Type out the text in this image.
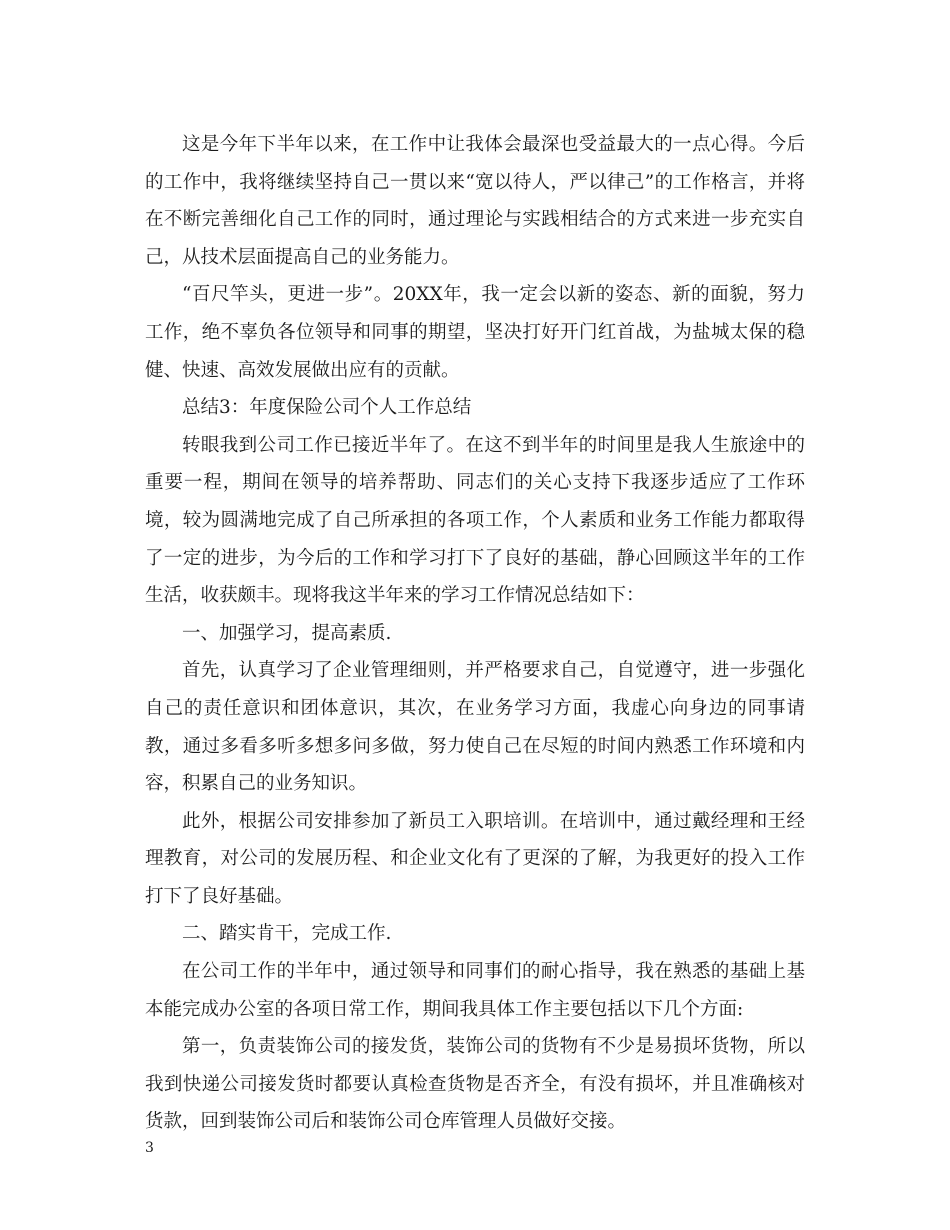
这是今年下半年以来，在工作中让我体会最深也受益最大的一点心得。今后的工作中，我将继续坚持自己一贯以来“宽以待人，严以律己”的工作格言，并将在不断完善细化自己工作的同时，通过理论与实践相结合的方式来进一步充实自己，从技术层面提高自己的业务能力。

“百尺竿头，更进一步”。20XX年，我一定会以新的姿态、新的面貌，努力工作，绝不辜负各位领导和同事的期望，坚决打好开门红首战，为盐城太保的稳健、快速、高效发展做出应有的贡献。

总结3：年度保险公司个人工作总结

转眼我到公司工作已接近半年了。在这不到半年的时间里是我人生旅途中的重要一程，期间在领导的培养帮助、同志们的关心支持下我逐步适应了工作环境，较为圆满地完成了自己所承担的各项工作，个人素质和业务工作能力都取得了一定的进步，为今后的工作和学习打下了良好的基础，静心回顾这半年的工作生活，收获颇丰。现将我这半年来的学习工作情况总结如下：

一、加强学习，提高素质.

首先，认真学习了企业管理细则，并严格要求自己，自觉遵守，进一步强化自己的责任意识和团体意识，其次，在业务学习方面，我虚心向身边的同事请教，通过多看多听多想多问多做，努力使自己在尽短的时间内熟悉工作环境和内容，积累自己的业务知识。

此外，根据公司安排参加了新员工入职培训。在培训中，通过戴经理和王经理教育，对公司的发展历程、和企业文化有了更深的了解，为我更好的投入工作打下了良好基础。

二、踏实肯干，完成工作.

在公司工作的半年中，通过领导和同事们的耐心指导，我在熟悉的基础上基本能完成办公室的各项日常工作，期间我具体工作主要包括以下几个方面:

第一，负责装饰公司的接发货，装饰公司的货物有不少是易损坏货物，所以我到快递公司接发货时都要认真检查货物是否齐全，有没有损坏，并且准确核对货款，回到装饰公司后和装饰公司仓库管理人员做好交接。

3
